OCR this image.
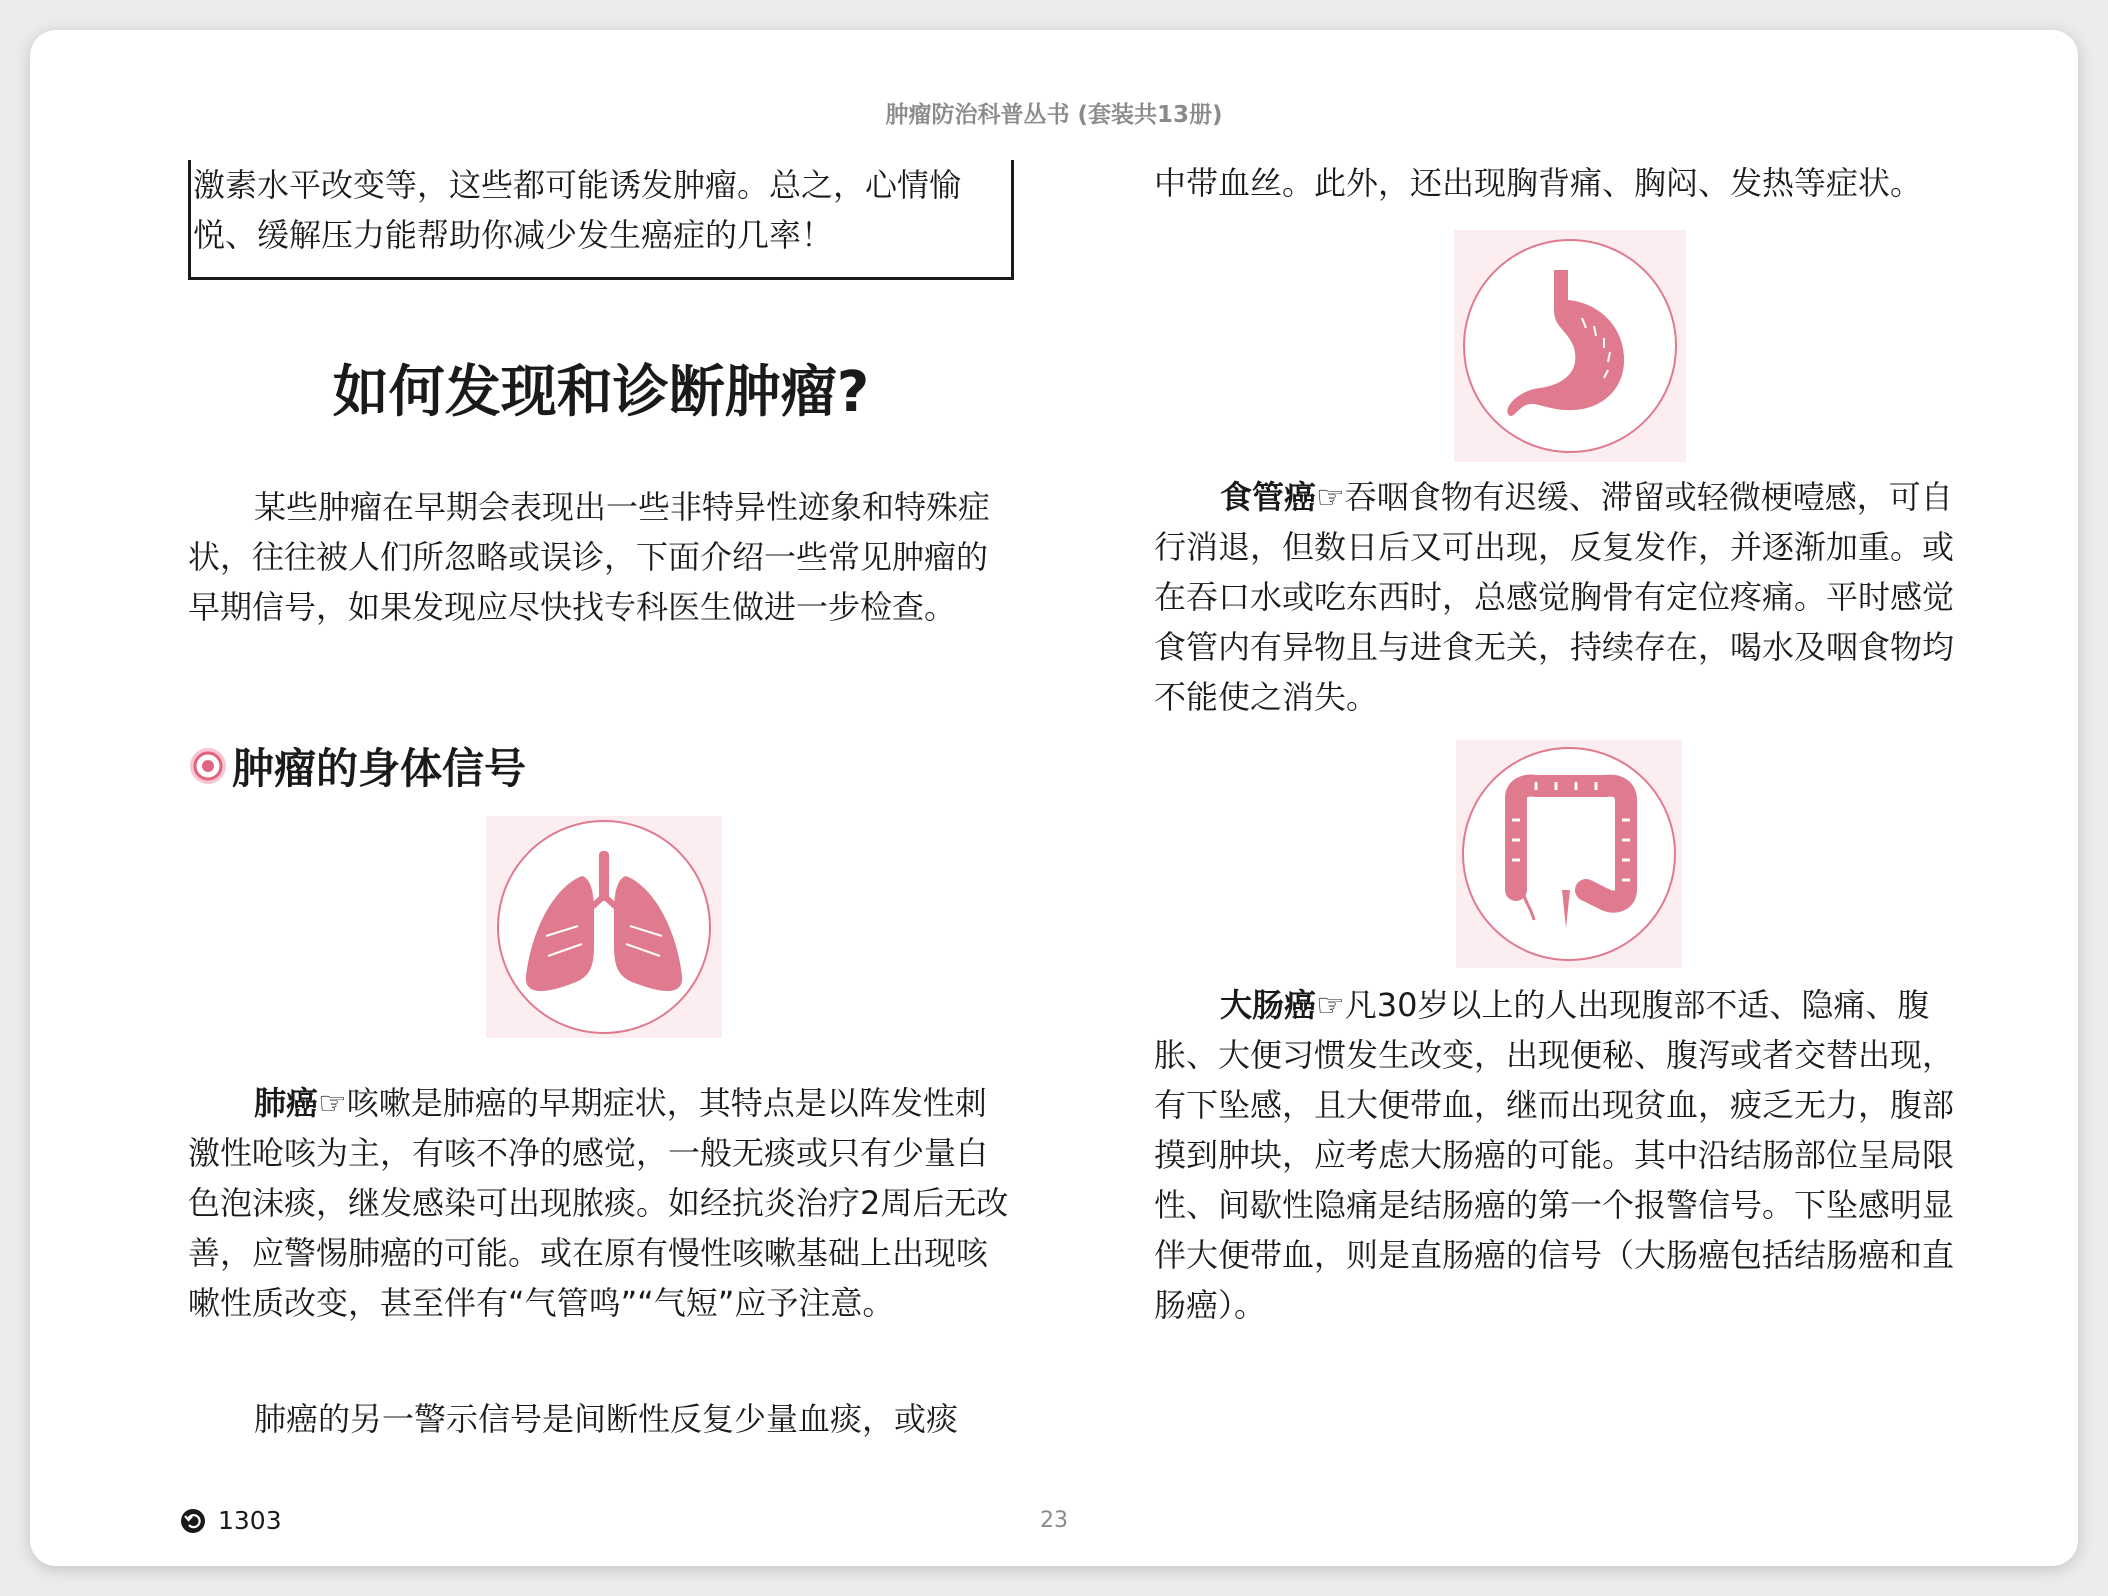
肿瘤防治科普丛书 (套装共13册)

激素水平改变等，这些都可能诱发肿瘤。总之，心情愉

悦、缓解压力能帮助你减少发生癌症的几率！

如何发现和诊断肿瘤?

某些肿瘤在早期会表现出一些非特异性迹象和特殊症状，往往被人们所忽略或误诊，下面介绍一些常见肿瘤的早期信号，如果发现应尽快找专科医生做进一步检查。

肿瘤的身体信号

肺癌☞咳嗽是肺癌的早期症状，其特点是以阵发性刺激性呛咳为主，有咳不净的感觉，一般无痰或只有少量白色泡沫痰，继发感染可出现脓痰。如经抗炎治疗2周后无改善，应警惕肺癌的可能。或在原有慢性咳嗽基础上出现咳嗽性质改变，甚至伴有“气管鸣”“气短”应予注意。

肺癌的另一警示信号是间断性反复少量血痰，或痰

中带血丝。此外，还出现胸背痛、胸闷、发热等症状。

食管癌☞吞咽食物有迟缓、滞留或轻微梗噎感，可自行消退，但数日后又可出现，反复发作，并逐渐加重。或在吞口水或吃东西时，总感觉胸骨有定位疼痛。平时感觉食管内有异物且与进食无关，持续存在，喝水及咽食物均不能使之消失。

大肠癌☞凡30岁以上的人出现腹部不适、隐痛、腹胀、大便习惯发生改变，出现便秘、腹泻或者交替出现，有下坠感，且大便带血，继而出现贫血，疲乏无力，腹部摸到肿块，应考虑大肠癌的可能。其中沿结肠部位呈局限性、间歇性隐痛是结肠癌的第一个报警信号。下坠感明显伴大便带血，则是直肠癌的信号（大肠癌包括结肠癌和直肠癌）。

1303	23
